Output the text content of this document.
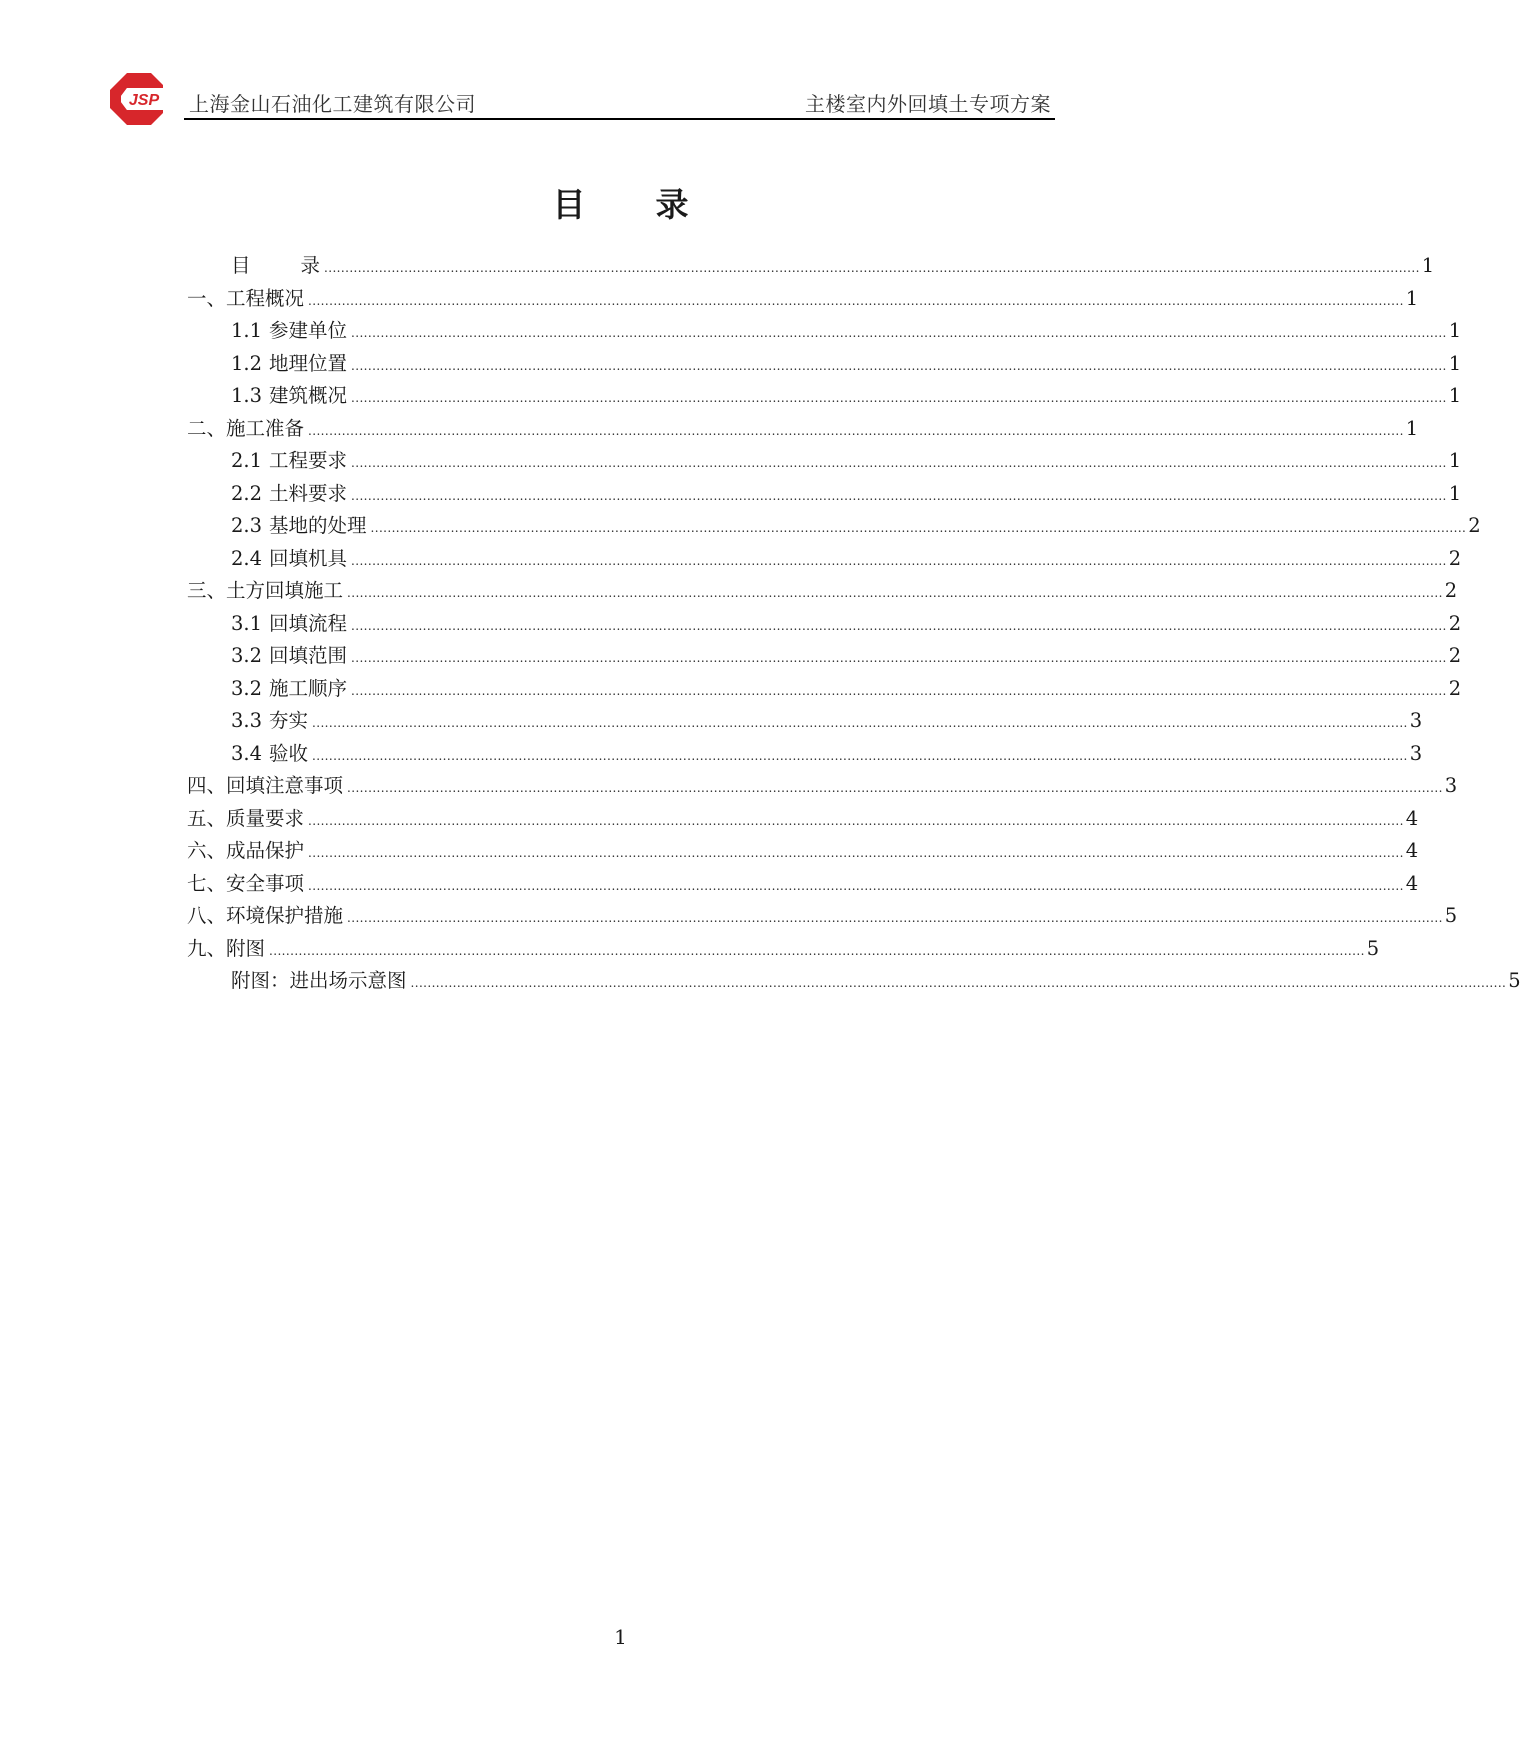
JSP 上海金山石油化工建筑有限公司	主楼室内外回填土专项方案
目录
目录 .................................................................................................................................................................................................................................................................... 1
一、 工程概况 .................................................................................................................................................................................................................................................................... 1
1.1 参建单位 .................................................................................................................................................................................................................................................................... 1
1.2 地理位置 .................................................................................................................................................................................................................................................................... 1
1.3 建筑概况 .................................................................................................................................................................................................................................................................... 1
二、 施工准备 .................................................................................................................................................................................................................................................................... 1
2.1 工程要求 .................................................................................................................................................................................................................................................................... 1
2.2 土料要求 .................................................................................................................................................................................................................................................................... 1
2.3 基地的处理 .................................................................................................................................................................................................................................................................... 2
2.4 回填机具 .................................................................................................................................................................................................................................................................... 2
三、 土方回填施工 .................................................................................................................................................................................................................................................................... 2
3.1 回填流程 .................................................................................................................................................................................................................................................................... 2
3.2 回填范围 .................................................................................................................................................................................................................................................................... 2
3.2 施工顺序 .................................................................................................................................................................................................................................................................... 2
3.3 夯实 .................................................................................................................................................................................................................................................................... 3
3.4 验收 .................................................................................................................................................................................................................................................................... 3
四、 回填注意事项 .................................................................................................................................................................................................................................................................... 3
五、 质量要求 .................................................................................................................................................................................................................................................................... 4
六、 成品保护 .................................................................................................................................................................................................................................................................... 4
七、 安全事项 .................................................................................................................................................................................................................................................................... 4
八、 环境保护措施 .................................................................................................................................................................................................................................................................... 5
九、 附图 .................................................................................................................................................................................................................................................................... 5
附图：进出场示意图 .................................................................................................................................................................................................................................................................... 5
1
